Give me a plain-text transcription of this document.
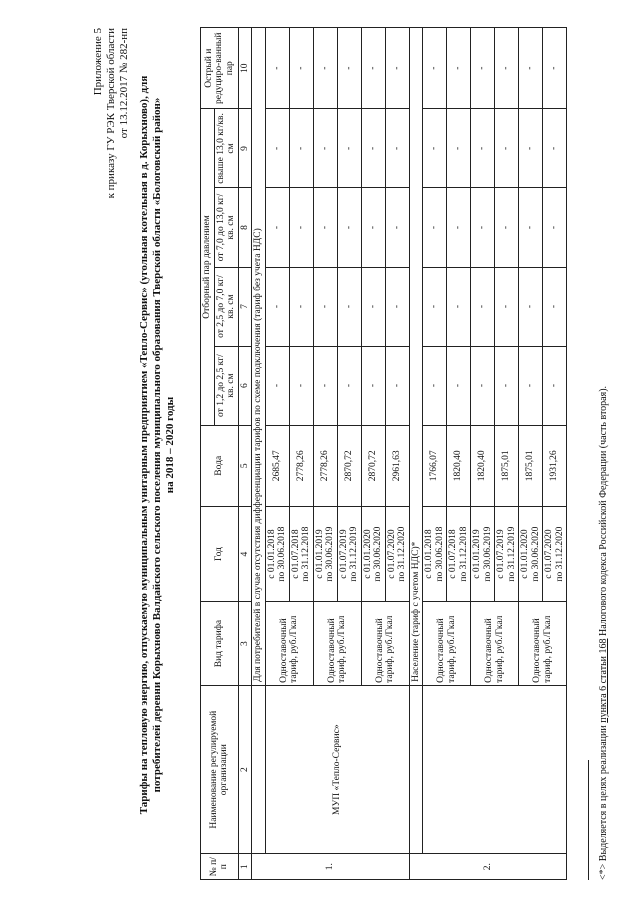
Приложение 5 к приказу ГУ РЭК Тверской области от 13.12.2017 № 282-нп Тарифы на тепловую энергию, отпускаемую муниципальным унитарным предприятием «Тепло-Сервис» (угольная котельная в д. Корыхново), для потребителей деревни Корыхново Валдайского сельского поселения муниципального образования Тверской области «Бологовский район» на 2018 – 2020 годы
№ п/ п	Наименование регулируемой организации	Вид тарифа	Год	Вода	Отборный пар давлением				Острый и редуциро-ванный пар
					от 1,2 до 2,5 кг/кв. см	от 2,5 до 7,0 кг/кв. см	от 7,0 до 13,0 кг/кв. см	свыше 13,0 кг/кв. см	
1	2	3	4	5	6	7	8	9	10
1.		Для потребителей в случае отсутствия дифференциации тарифов по схеме подключения (тариф без учета НДС)							
	МУП «Тепло-Сервис»	Одноставочный тариф, руб./Гкал	с 01.01.2018 по 30.06.2018	2685,47	-	-	-	-	-

			с 01.07.2018 по 31.12.2018	2778,26	-	-	-	-	-
		Одноставочный тариф, руб./Гкал	с 01.01.2019 по 30.06.2019	2778,26	-	-	-	-	-

			с 01.07.2019 по 31.12.2019	2870,72	-	-	-	-	-
		Одноставочный тариф, руб./Гкал	с 01.01.2020 по 30.06.2020	2870,72	-	-	-	-	-

			с 01.07.2020 по 31.12.2020	2961,63	-	-	-	-	-
2.		Население (тариф с учетом НДС)*							
		Одноставочный тариф, руб./Гкал	с 01.01.2018 по 30.06.2018	1766,07	-	-	-	-	-

			с 01.07.2018 по 31.12.2018	1820,40	-	-	-	-	-
		Одноставочный тариф, руб./Гкал	с 01.01.2019 по 30.06.2019	1820,40	-	-	-	-	-

			с 01.07.2019 по 31.12.2019	1875,01	-	-	-	-	-
		Одноставочный тариф, руб./Гкал	с 01.01.2020 по 30.06.2020	1875,01	-	-	-	-	-

			с 01.07.2020 по 31.12.2020	1931,26	-	-	-	-	-
<*> Выделяется в целях реализации пункта 6 статьи 168 Налогового кодекса Российской Федерации (часть вторая).
